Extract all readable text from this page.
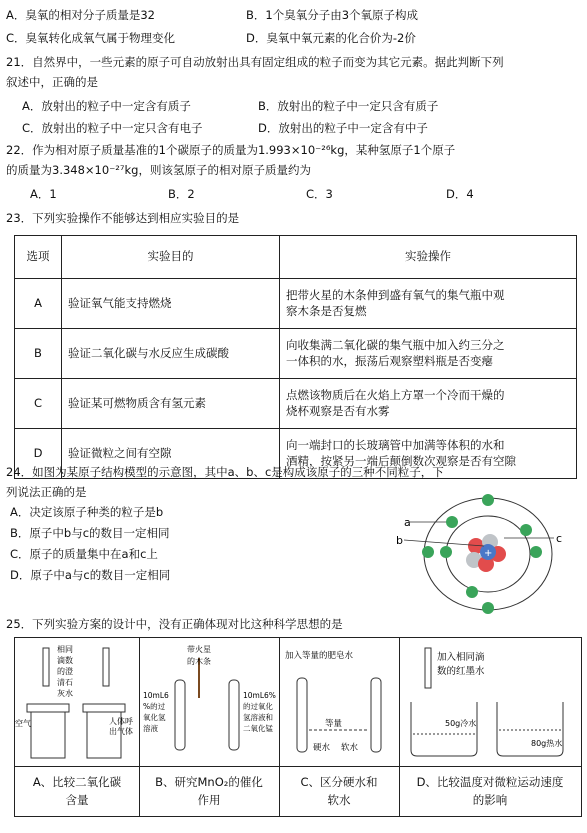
A．臭氧的相对分子质量是32	B．1个臭氧分子由3个氧原子构成
C．臭氧转化成氧气属于物理变化	D．臭氧中氧元素的化合价为-2价
21．自然界中，一些元素的原子可自动放射出具有固定组成的粒子而变为其它元素。据此判断下列
叙述中，正确的是
A．放射出的粒子中一定含有质子	B．放射出的粒子中一定只含有质子
C．放射出的粒子中一定只含有电子	D．放射出的粒子中一定含有中子
22．作为相对原子质量基准的1个碳原子的质量为1.993×10⁻²⁶kg，某种氢原子1个原子
的质量为3.348×10⁻²⁷kg，则该氢原子的相对原子质量约为
A．1	B．2	C．3	D．4
23．下列实验操作不能够达到相应实验目的是
选项	实验目的	实验操作
A	验证氧气能支持燃烧	把带火星的木条伸到盛有氧气的集气瓶中观
察木条是否复燃

B	验证二氧化碳与水反应生成碳酸	向收集满二氧化碳的集气瓶中加入约三分之
一体积的水，振荡后观察塑料瓶是否变瘪

C	验证某可燃物质含有氢元素	点燃该物质后在火焰上方罩一个冷而干燥的
烧杯观察是否有水雾

D	验证微粒之间有空隙	向一端封口的长玻璃管中加满等体积的水和
酒精，按紧另一端后颠倒数次观察是否有空隙
24．如图为某原子结构模型的示意图，其中a、b、c是构成该原子的三种不同粒子，下
列说法正确的是
A．决定该原子种类的粒子是b
B．原子中b与c的数目一定相同
C．原子的质量集中在a和c上
D．原子中a与c的数目一定相同
+
a
b	c
25．下列实验方案的设计中，没有正确体现对比这种科学思想的是
相同
滴数
的澄
清石
灰水
空气	人体呼
出气体
A、比较二氧化碳
含量
带火星
的木条
10mL6
%的过
氧化氢
溶液
10mL6%
的过氧化
氢溶液和
二氧化锰
B、研究MnO₂的催化
作用
加入等量的肥皂水
等量
硬水 软水
C、区分硬水和
软水
加入相同滴
数的红墨水
50g冷水
80g热水
D、比较温度对微粒运动速度
的影响
